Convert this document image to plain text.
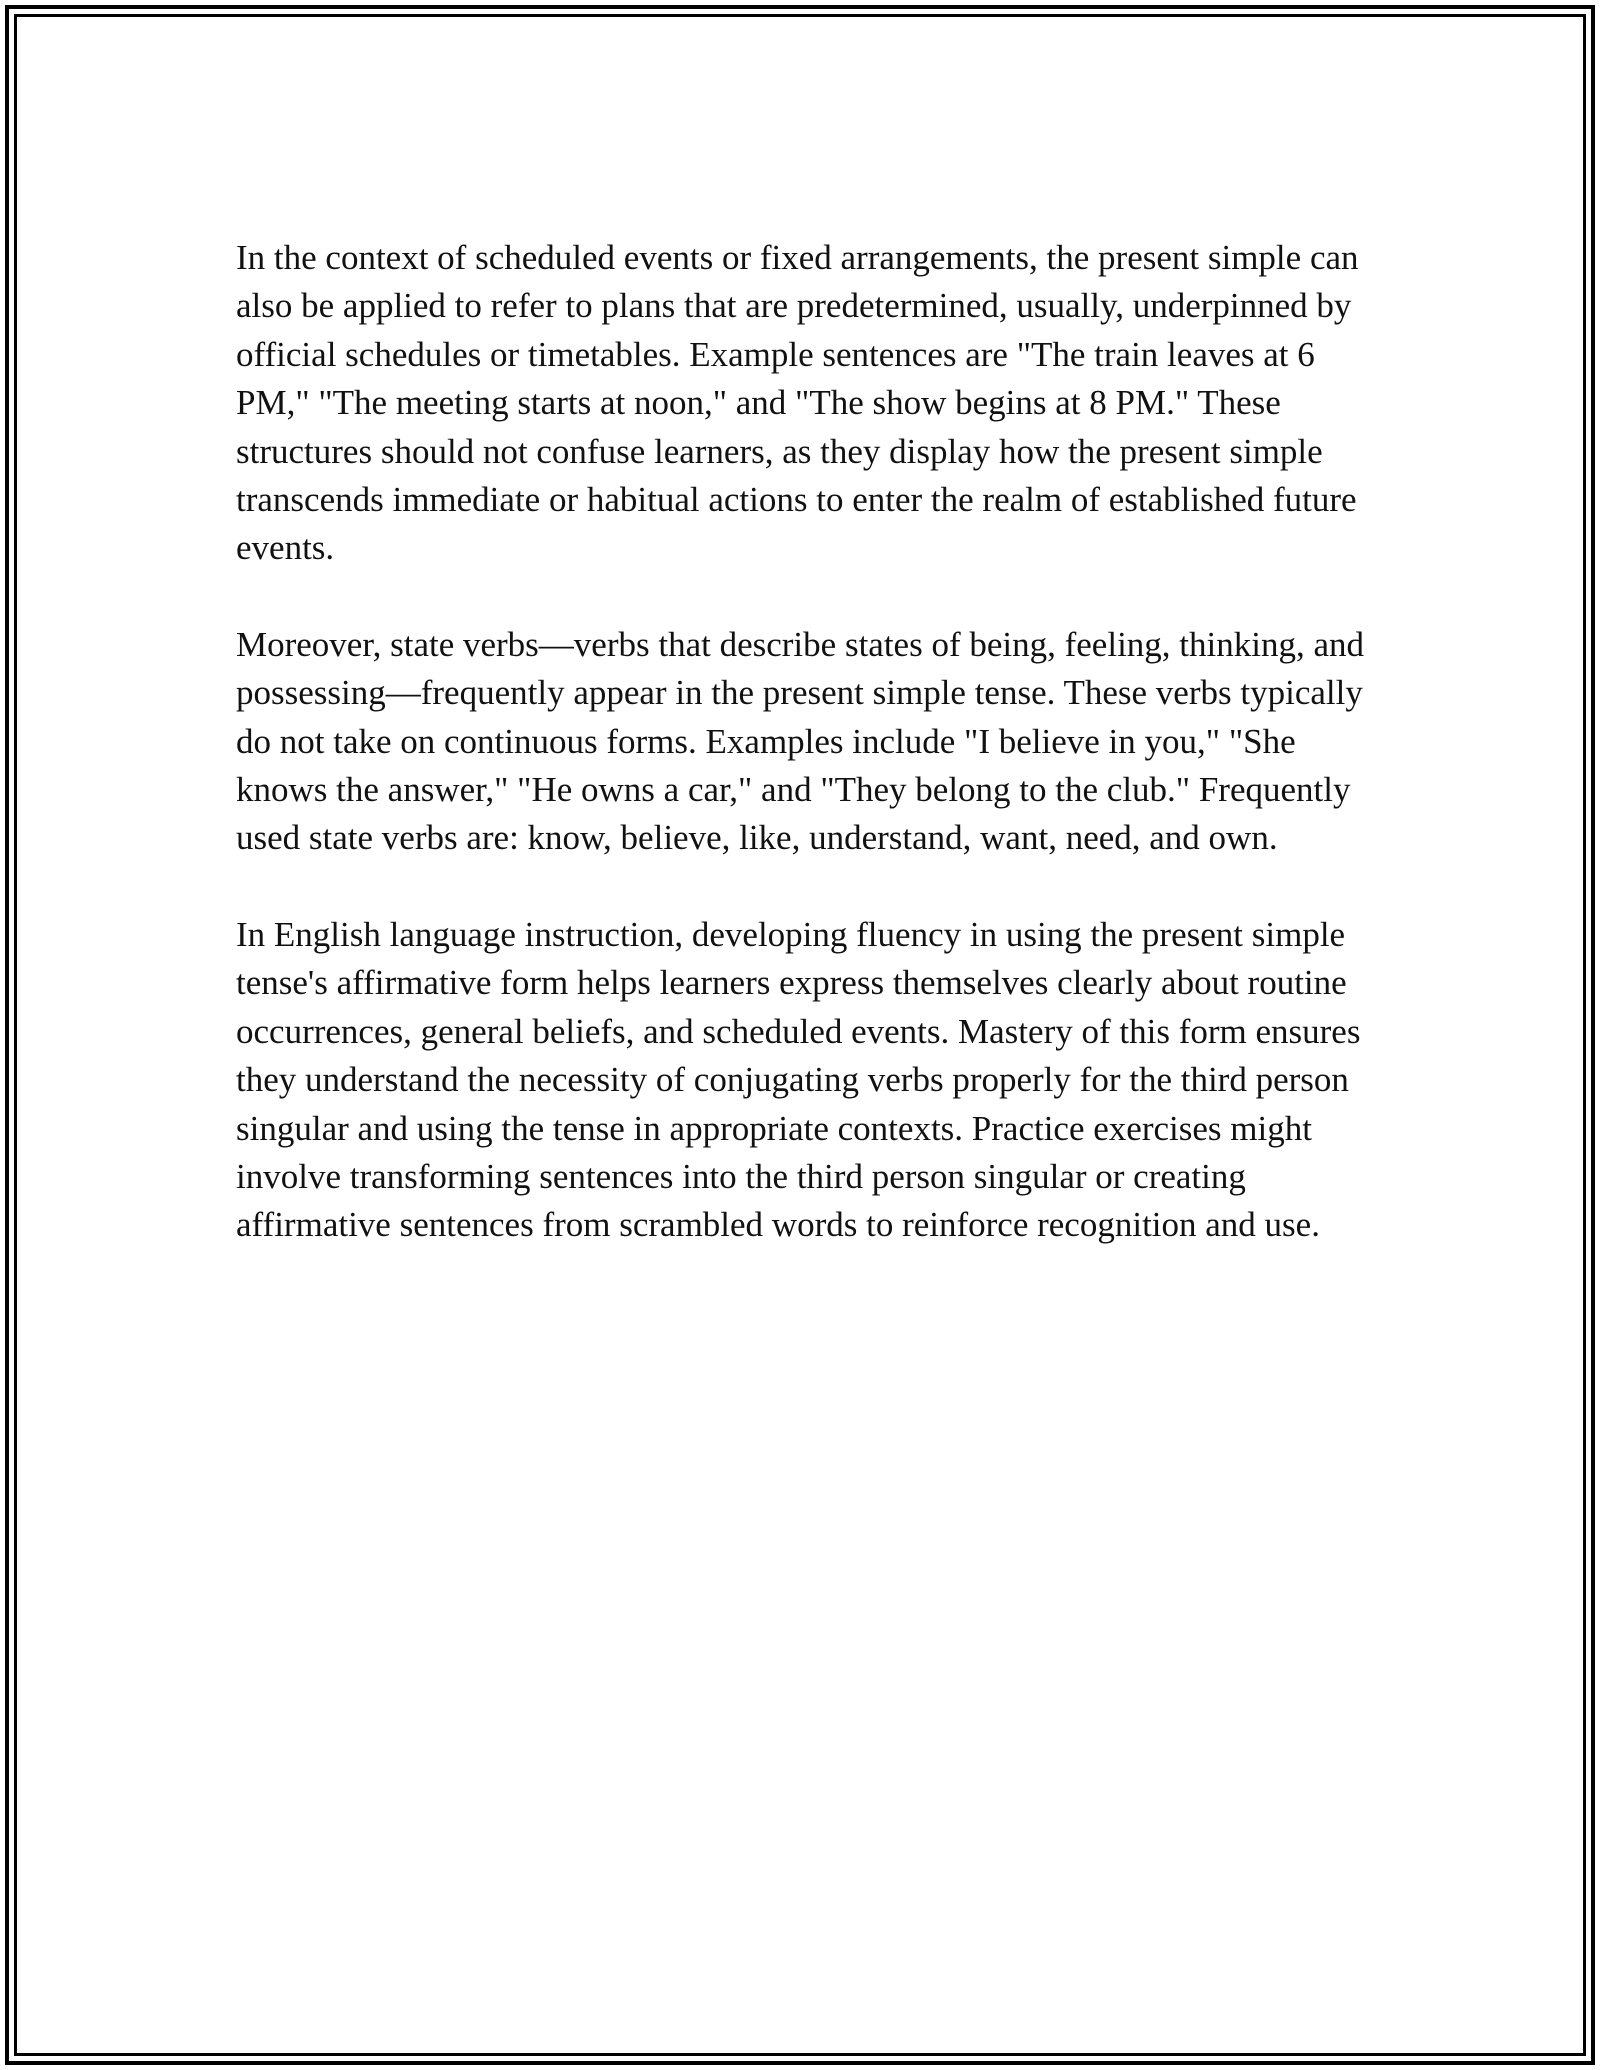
In the context of scheduled events or fixed arrangements, the present simple can also be applied to refer to plans that are predetermined, usually, underpinned by official schedules or timetables. Example sentences are "The train leaves at 6 PM," "The meeting starts at noon," and "The show begins at 8 PM." These structures should not confuse learners, as they display how the present simple transcends immediate or habitual actions to enter the realm of established future events.

Moreover, state verbs—verbs that describe states of being, feeling, thinking, and possessing—frequently appear in the present simple tense. These verbs typically do not take on continuous forms. Examples include "I believe in you," "She knows the answer," "He owns a car," and "They belong to the club." Frequently used state verbs are: know, believe, like, understand, want, need, and own.

In English language instruction, developing fluency in using the present simple tense's affirmative form helps learners express themselves clearly about routine occurrences, general beliefs, and scheduled events. Mastery of this form ensures they understand the necessity of conjugating verbs properly for the third person singular and using the tense in appropriate contexts. Practice exercises might involve transforming sentences into the third person singular or creating affirmative sentences from scrambled words to reinforce recognition and use.
